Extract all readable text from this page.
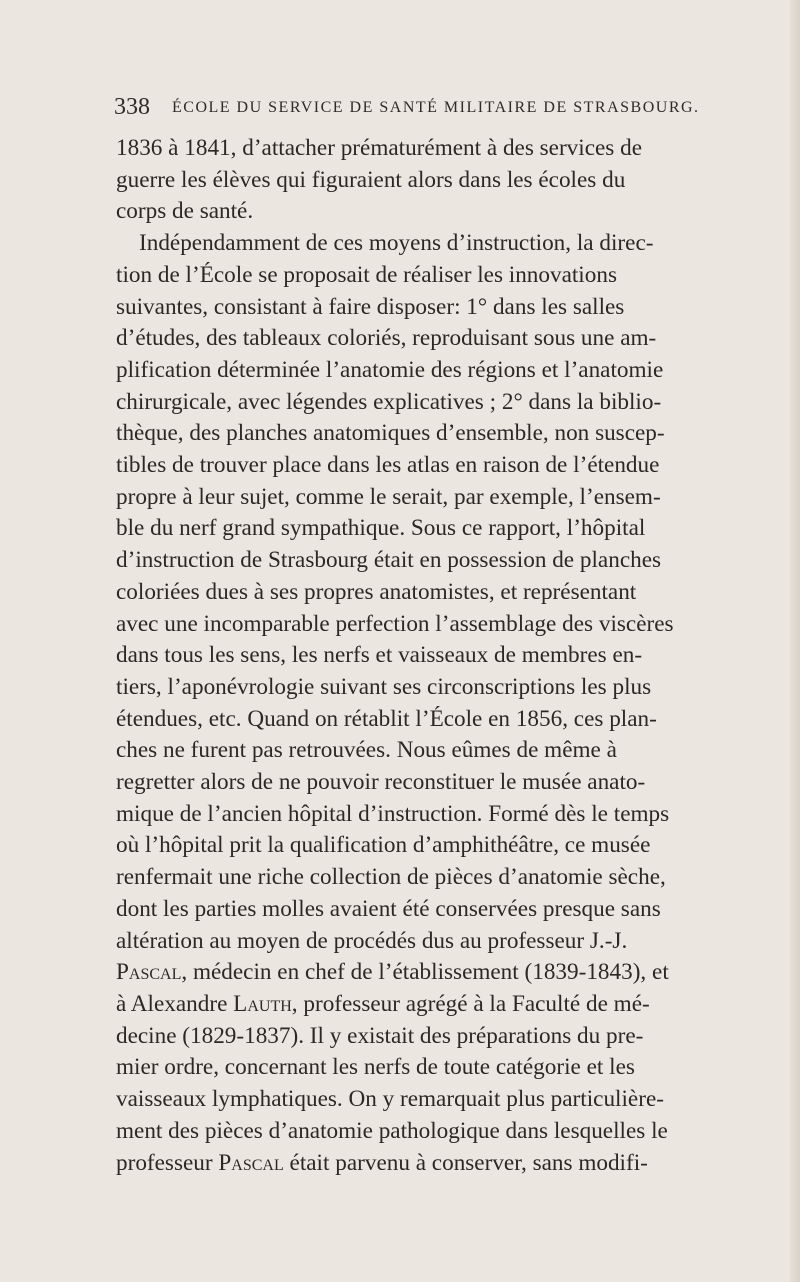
338 ÉCOLE DU SERVICE DE SANTÉ MILITAIRE DE STRASBOURG.
1836 à 1841, d’attacher prématurément à des services de
guerre les élèves qui figuraient alors dans les écoles du
corps de santé.
Indépendamment de ces moyens d’instruction, la direc-
tion de l’École se proposait de réaliser les innovations
suivantes, consistant à faire disposer: 1° dans les salles
d’études, des tableaux coloriés, reproduisant sous une am-
plification déterminée l’anatomie des régions et l’anatomie
chirurgicale, avec légendes explicatives ; 2° dans la biblio-
thèque, des planches anatomiques d’ensemble, non suscep-
tibles de trouver place dans les atlas en raison de l’étendue
propre à leur sujet, comme le serait, par exemple, l’ensem-
ble du nerf grand sympathique. Sous ce rapport, l’hôpital
d’instruction de Strasbourg était en possession de planches
coloriées dues à ses propres anatomistes, et représentant
avec une incomparable perfection l’assemblage des viscères
dans tous les sens, les nerfs et vaisseaux de membres en-
tiers, l’aponévrologie suivant ses circonscriptions les plus
étendues, etc. Quand on rétablit l’École en 1856, ces plan-
ches ne furent pas retrouvées. Nous eûmes de même à
regretter alors de ne pouvoir reconstituer le musée anato-
mique de l’ancien hôpital d’instruction. Formé dès le temps
où l’hôpital prit la qualification d’amphithéâtre, ce musée
renfermait une riche collection de pièces d’anatomie sèche,
dont les parties molles avaient été conservées presque sans
altération au moyen de procédés dus au professeur J.-J.
Pascal, médecin en chef de l’établissement (1839-1843), et
à Alexandre Lauth, professeur agrégé à la Faculté de mé-
decine (1829-1837). Il y existait des préparations du pre-
mier ordre, concernant les nerfs de toute catégorie et les
vaisseaux lymphatiques. On y remarquait plus particulière-
ment des pièces d’anatomie pathologique dans lesquelles le
professeur Pascal était parvenu à conserver, sans modifi-
